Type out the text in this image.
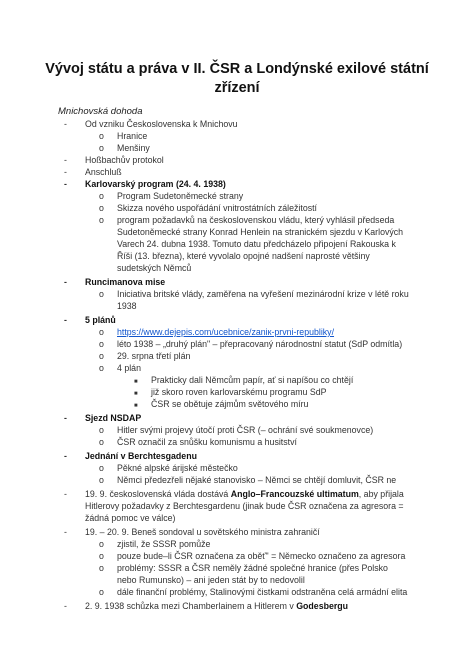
Vývoj státu a práva v II. ČSR a Londýnské exilové státní
zřízení
Mnichovská dohoda
- Od vzniku Československa k Mnichovu
o Hranice
o Menšiny
- Hoßbachův protokol
- Anschluß
- Karlovarský program (24. 4. 1938)
o Program Sudetoněmecké strany
o Skizza nového uspořádání vnitrostátních záležitostí
o program požadavků na československou vládu, který vyhlásil předseda
Sudetoněmecké strany Konrad Henlein na stranickém sjezdu v Karlových
Varech 24. dubna 1938. Tomuto datu předcházelo připojení Rakouska k
Říši (13. března), které vyvolalo opojné nadšení naprosté většiny
sudetských Němců
- Runcimanova mise
o Iniciativa britské vlády, zaměřena na vyřešení mezinárodní krize v létě roku
1938
- 5 plánů
o https://www.dejepis.com/ucebnice/zaniк-prvni-republiky/
o léto 1938 – „druhý plán" – přepracovaný národnostní statut (SdP odmítla)
o 29. srpna třetí plán
o 4 plán
■ Prakticky dali Němcům papír, ať si napíšou co chtějí
■ již skoro roven karlovarskému programu SdP
■ ČSR se obětuje zájmům světového míru
- Sjezd NSDAP
o Hitler svými projevy útočí proti ČSR (– ochrání své soukmenovce)
o ČSR označil za snůšku komunismu a husitství
- Jednání v Berchtesgadenu
o Pěkné alpské árijské městečko
o Němci předezřeli nějaké stanovisko – Němci se chtějí domluvit, ČSR ne
- 19. 9. československá vláda dostává Anglo–Francouzské ultimatum, aby přijala
Hitlerovy požadavky z Berchtesgardenu (jinak bude ČSR označena za agresora =
žádná pomoc ve válce)
- 19. – 20. 9. Beneš sondoval u sovětského ministra zahraničí
o zjistil, že SSSR pomůže
o pouze bude–li ČSR označena za oběť" = Německo označeno za agresora
o problémy: SSSR a ČSR neměly žádné společné hranice (přes Polsko
nebo Rumunsko) – ani jeden stát by to nedovolil
o dále finanční problémy, Stalinovými čistkami odstraněna celá armádní elita
- 2. 9. 1938 schůzka mezi Chamberlainem a Hitlerem v Godesbergu
